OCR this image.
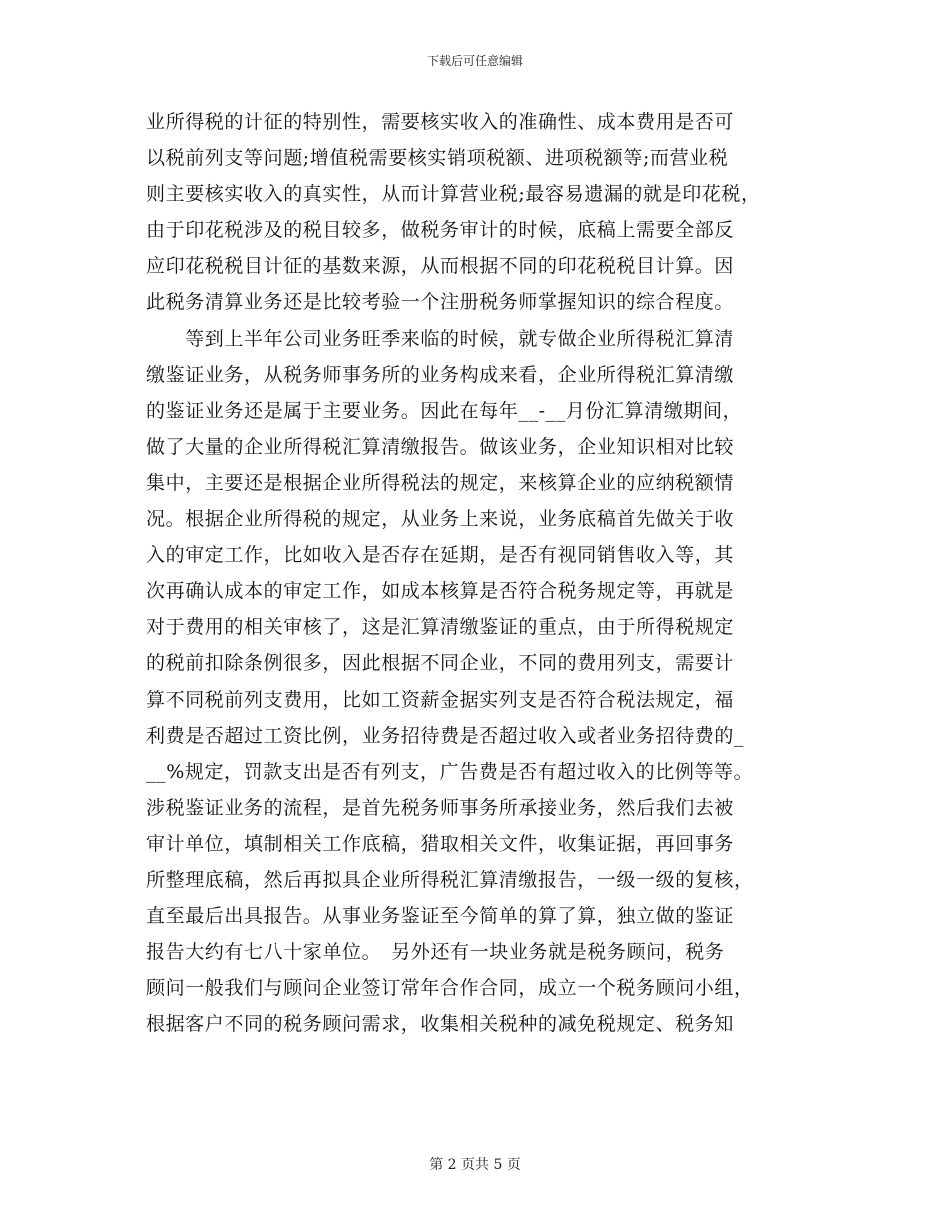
下载后可任意编辑
业所得税的计征的特别性，需要核实收入的准确性、成本费用是否可
以税前列支等问题;增值税需要核实销项税额、进项税额等;而营业税
则主要核实收入的真实性，从而计算营业税;最容易遗漏的就是印花税，
由于印花税涉及的税目较多，做税务审计的时候，底稿上需要全部反
应印花税税目计征的基数来源，从而根据不同的印花税税目计算。因
此税务清算业务还是比较考验一个注册税务师掌握知识的综合程度。
　　等到上半年公司业务旺季来临的时候，就专做企业所得税汇算清
缴鉴证业务，从税务师事务所的业务构成来看，企业所得税汇算清缴
的鉴证业务还是属于主要业务。因此在每年__-__月份汇算清缴期间，
做了大量的企业所得税汇算清缴报告。做该业务，企业知识相对比较
集中，主要还是根据企业所得税法的规定，来核算企业的应纳税额情
况。根据企业所得税的规定，从业务上来说，业务底稿首先做关于收
入的审定工作，比如收入是否存在延期，是否有视同销售收入等，其
次再确认成本的审定工作，如成本核算是否符合税务规定等，再就是
对于费用的相关审核了，这是汇算清缴鉴证的重点，由于所得税规定
的税前扣除条例很多，因此根据不同企业，不同的费用列支，需要计
算不同税前列支费用，比如工资薪金据实列支是否符合税法规定，福
利费是否超过工资比例，业务招待费是否超过收入或者业务招待费的_
__%规定，罚款支出是否有列支，广告费是否有超过收入的比例等等。
涉税鉴证业务的流程，是首先税务师事务所承接业务，然后我们去被
审计单位，填制相关工作底稿，猎取相关文件，收集证据，再回事务
所整理底稿，然后再拟具企业所得税汇算清缴报告，一级一级的复核，
直至最后出具报告。从事业务鉴证至今简单的算了算，独立做的鉴证
报告大约有七八十家单位。　另外还有一块业务就是税务顾问，税务
顾问一般我们与顾问企业签订常年合作合同，成立一个税务顾问小组，
根据客户不同的税务顾问需求，收集相关税种的减免税规定、税务知
第 2 页共 5 页
